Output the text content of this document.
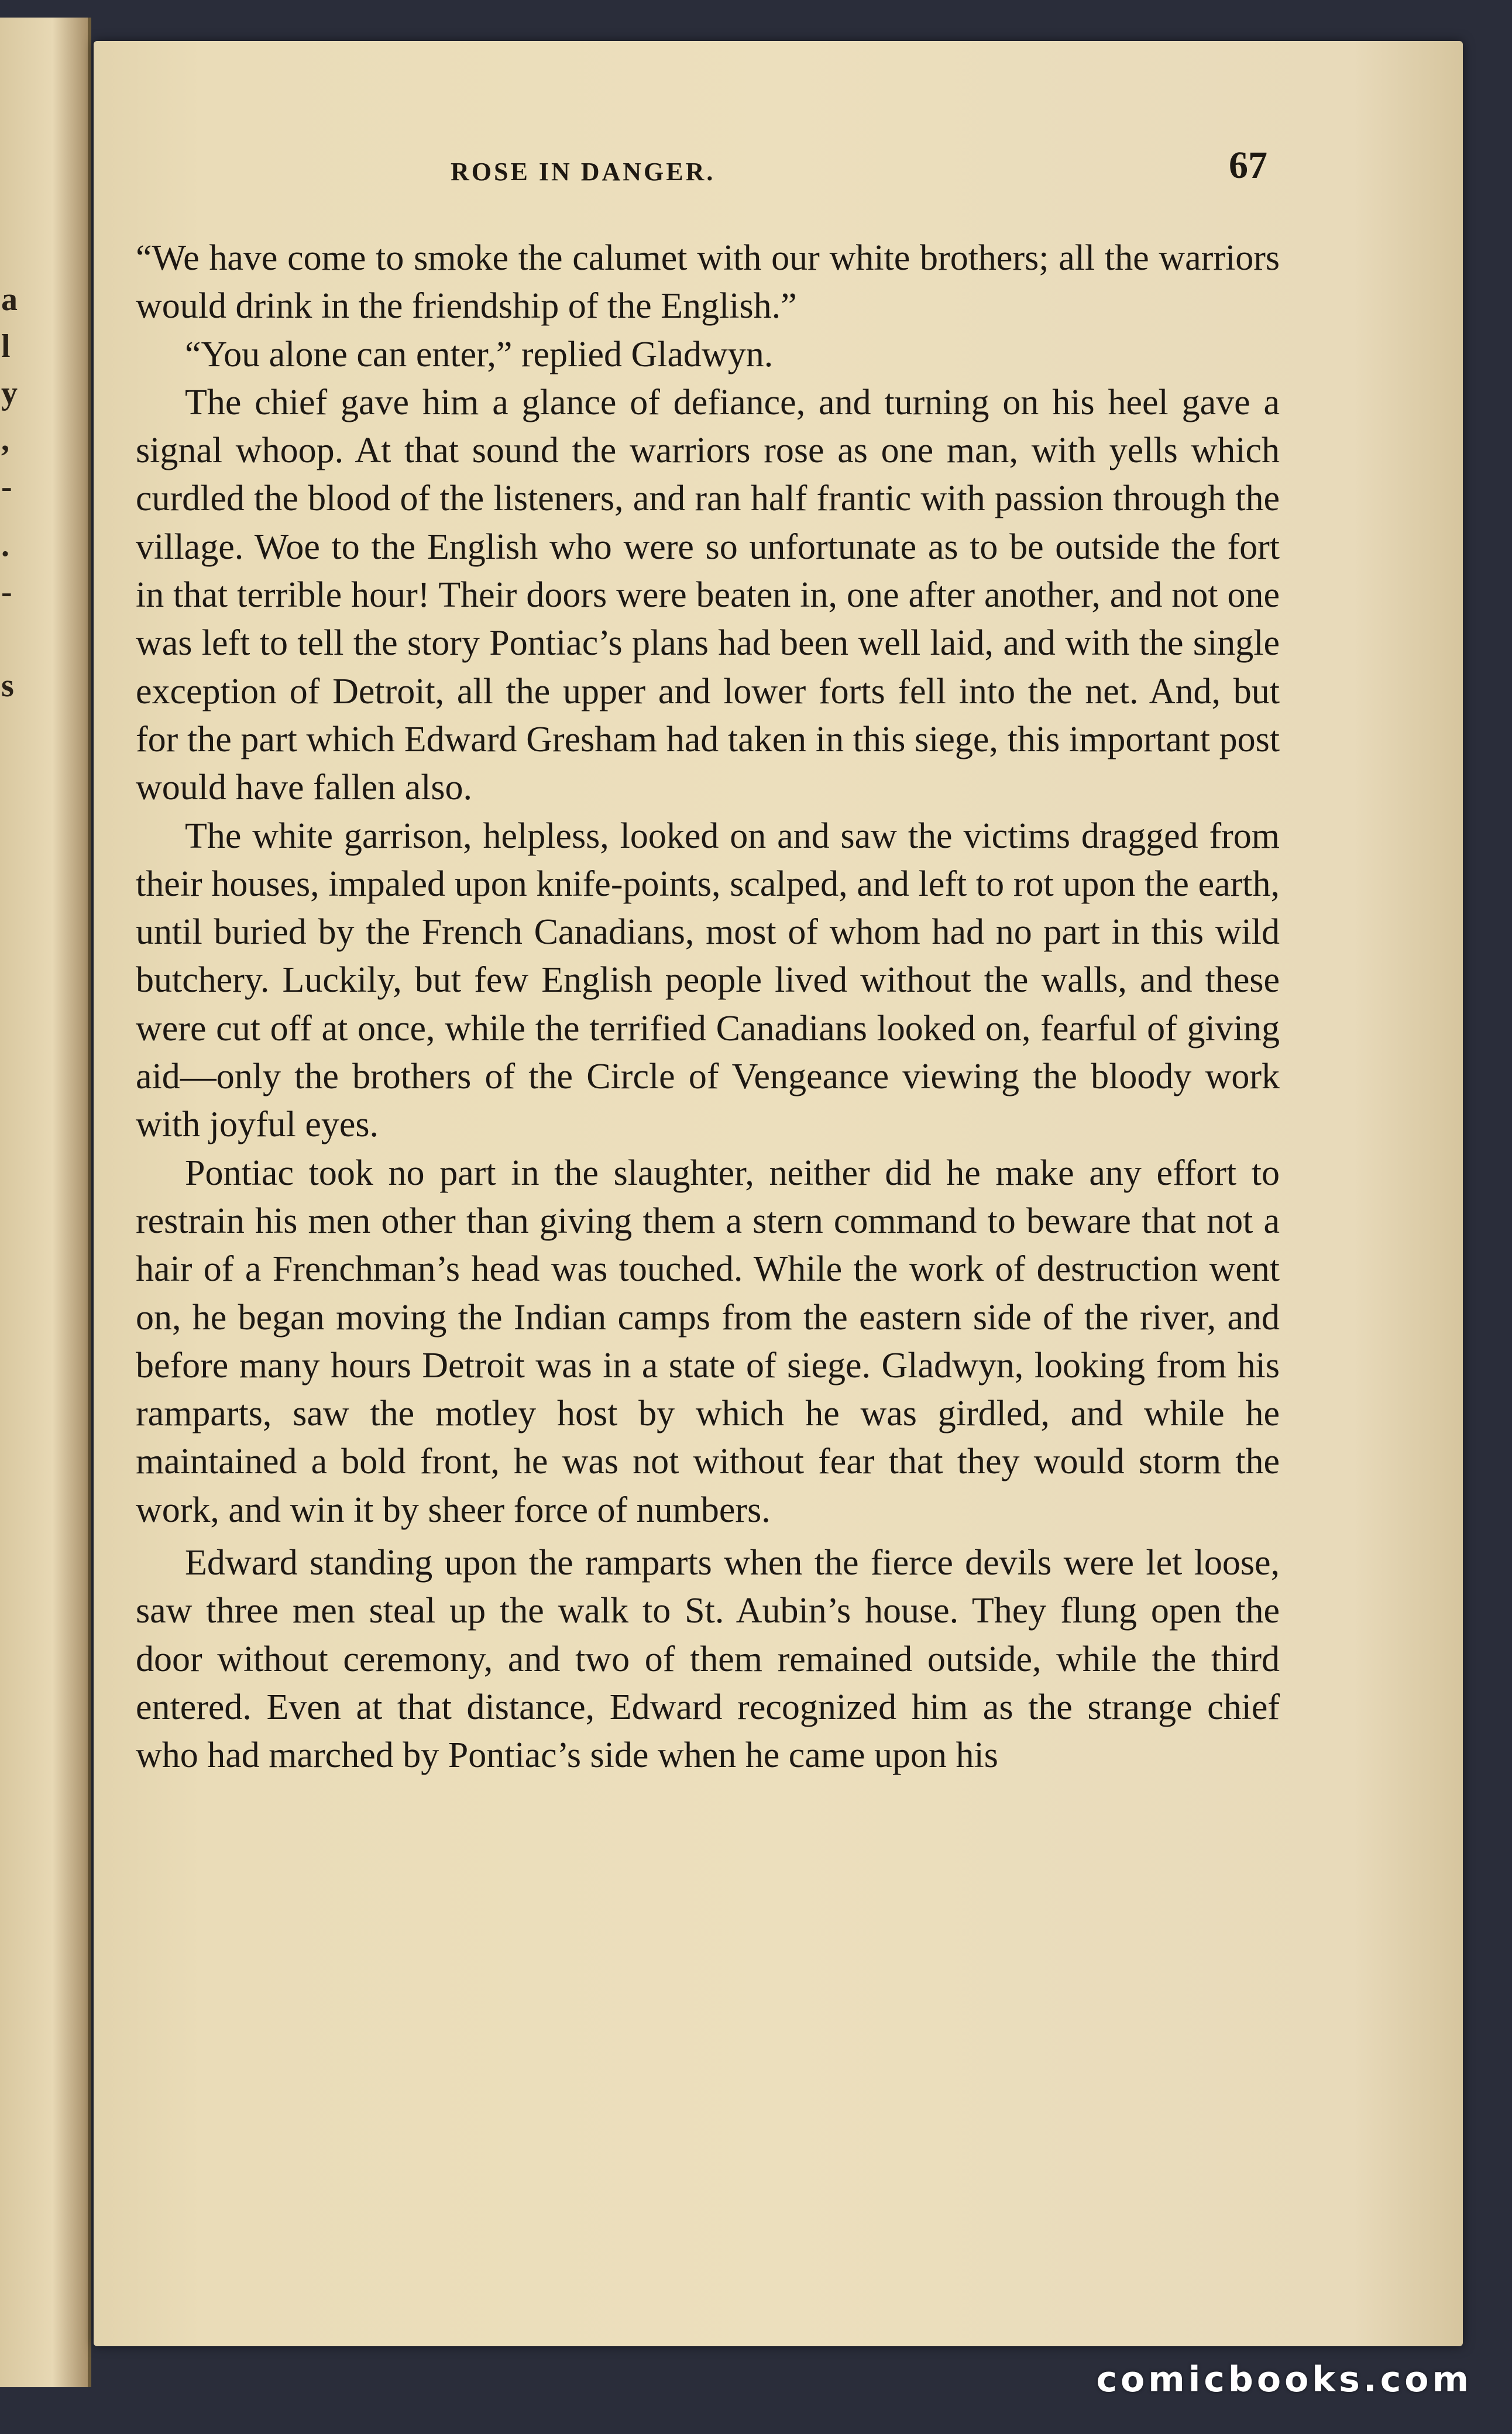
a
l
y
,
-
.
-
s
ROSE IN DANGER.	67

“We have come to smoke the calumet with our white brothers; all the warriors would drink in the friendship of the English.”

“You alone can enter,” replied Gladwyn.

The chief gave him a glance of defiance, and turning on his heel gave a signal whoop. At that sound the warriors rose as one man, with yells which curdled the blood of the listeners, and ran half frantic with passion through the village. Woe to the English who were so unfortunate as to be outside the fort in that terrible hour! Their doors were beaten in, one after another, and not one was left to tell the story Pontiac’s plans had been well laid, and with the single exception of Detroit, all the upper and lower forts fell into the net. And, but for the part which Edward Gresham had taken in this siege, this important post would have fallen also.

The white garrison, helpless, looked on and saw the victims dragged from their houses, impaled upon knife-points, scalped, and left to rot upon the earth, until buried by the French Canadians, most of whom had no part in this wild butchery. Luckily, but few English people lived without the walls, and these were cut off at once, while the terrified Canadians looked on, fearful of giving aid—only the brothers of the Circle of Vengeance viewing the bloody work with joyful eyes.

Pontiac took no part in the slaughter, neither did he make any effort to restrain his men other than giving them a stern command to beware that not a hair of a Frenchman’s head was touched. While the work of destruction went on, he began moving the Indian camps from the eastern side of the river, and before many hours Detroit was in a state of siege. Gladwyn, looking from his ramparts, saw the motley host by which he was girdled, and while he maintained a bold front, he was not without fear that they would storm the work, and win it by sheer force of numbers.

Edward standing upon the ramparts when the fierce devils were let loose, saw three men steal up the walk to St. Aubin’s house. They flung open the door without ceremony, and two of them remained outside, while the third entered. Even at that distance, Edward recognized him as the strange chief who had marched by Pontiac’s side when he came upon his

comicbooks.com
